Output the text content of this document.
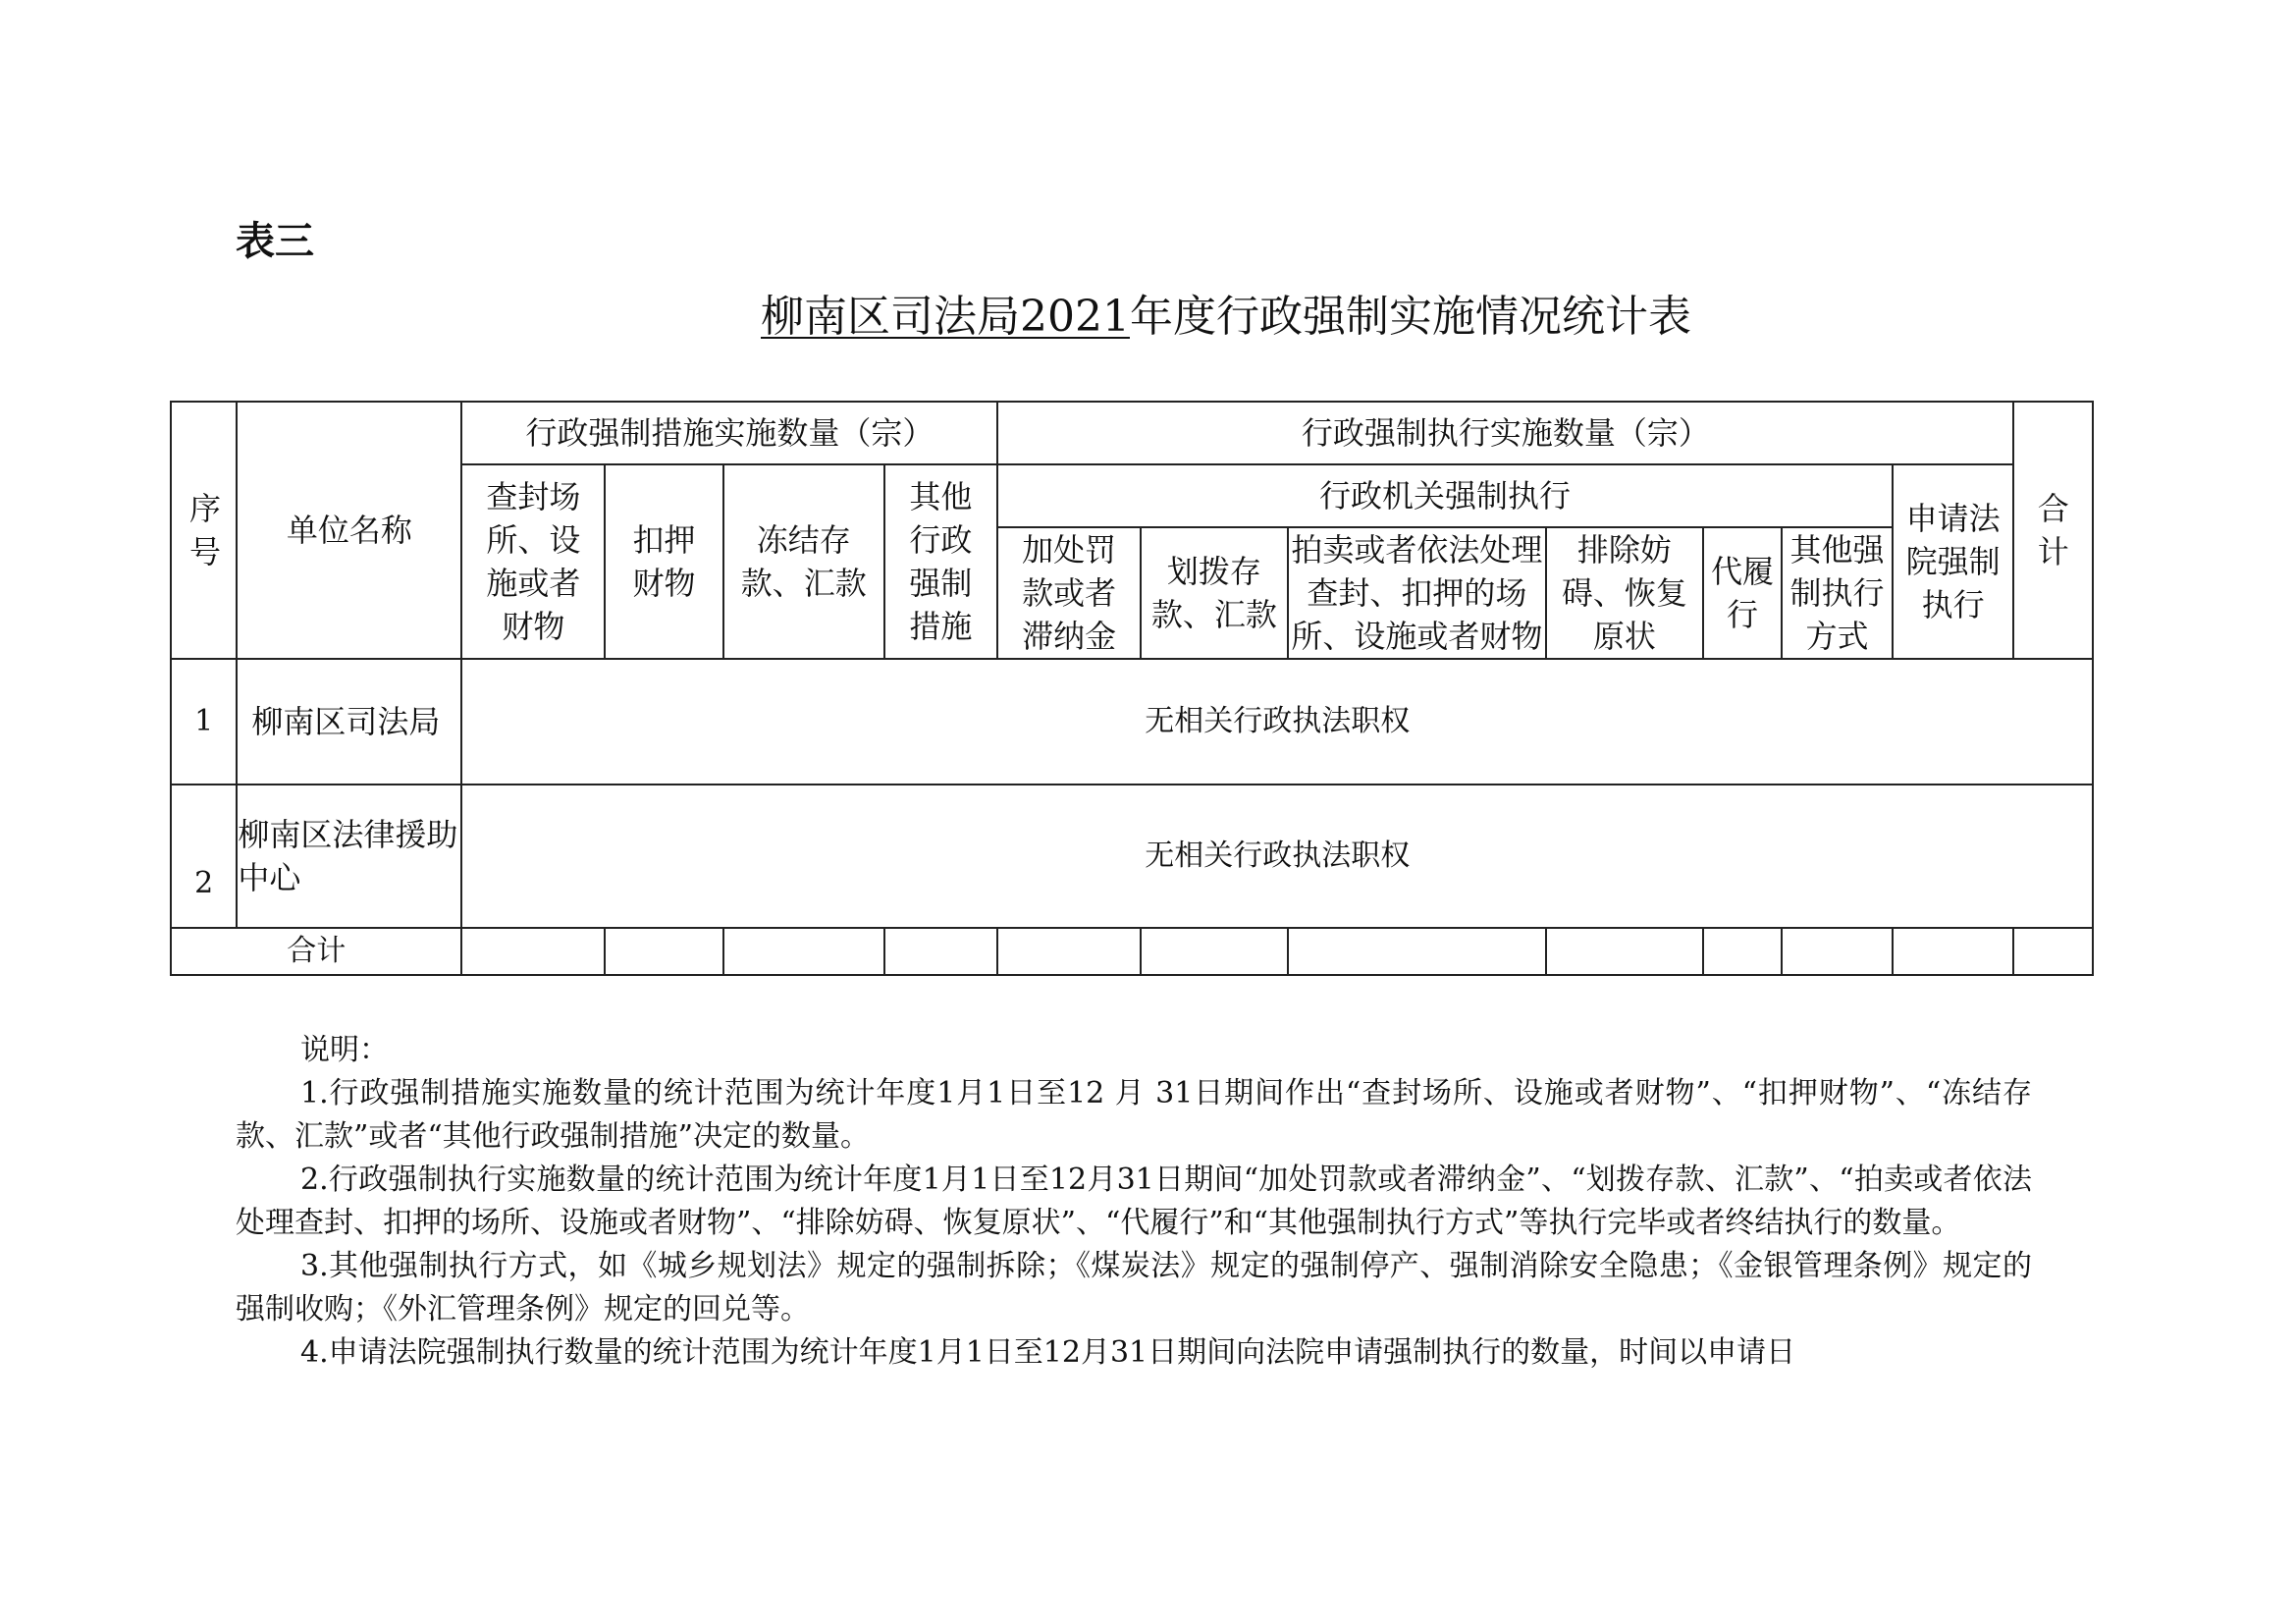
表三
柳南区司法局2021年度行政强制实施情况统计表
序号	单位名称	行政强制措施实施数量（宗）				行政强制执行实施数量（宗）							合计
		查封场所、设施或者财物	扣押财物	冻结存款、汇款	其他行政强制措施	行政机关强制执行						申请法院强制执行	
						加处罚款或者滞纳金	划拨存款、汇款	拍卖或者依法处理查封、扣押的场所、设施或者财物	排除妨碍、恢复原状	代履行	其他强制执行方式		

1	柳南区司法局	无相关行政执法职权											
2	柳南区法律援助中心	无相关行政执法职权											
合计													

说明：

1.行政强制措施实施数量的统计范围为统计年度1月1日至12 月 31日期间作出“查封场所、设施或者财物”、“扣押财物”、“冻结存款、汇款”或者“其他行政强制措施”决定的数量。

2.行政强制执行实施数量的统计范围为统计年度1月1日至12月31日期间“加处罚款或者滞纳金”、“划拨存款、汇款”、“拍卖或者依法处理查封、扣押的场所、设施或者财物”、“排除妨碍、恢复原状”、“代履行”和“其他强制执行方式”等执行完毕或者终结执行的数量。

3.其他强制执行方式，如《城乡规划法》规定的强制拆除；《煤炭法》规定的强制停产、强制消除安全隐患；《金银管理条例》规定的强制收购；《外汇管理条例》规定的回兑等。

4.申请法院强制执行数量的统计范围为统计年度1月1日至12月31日期间向法院申请强制执行的数量，时间以申请日
